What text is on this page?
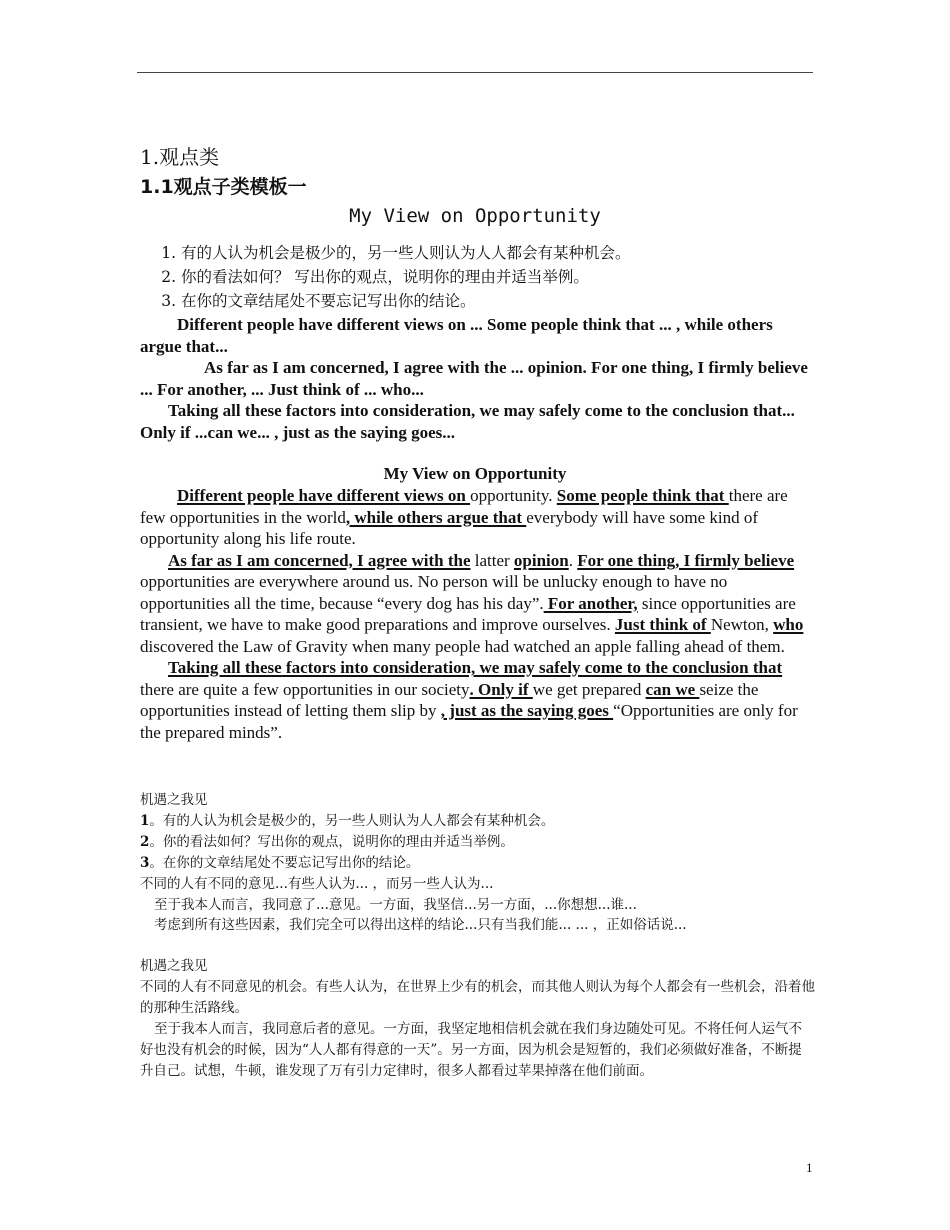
1.观点类
1.1观点子类模板一
My View on Opportunity
1. 有的人认为机会是极少的，另一些人则认为人人都会有某种机会。
2. 你的看法如何？ 写出你的观点，说明你的理由并适当举例。
3. 在你的文章结尾处不要忘记写出你的结论。

Different people have different views on ... Some people think that ... , while others argue that...

As far as I am concerned, I agree with the ... opinion. For one thing, I firmly believe ... For another, ... Just think of ... who...

Taking all these factors into consideration, we may safely come to the conclusion that... Only if ...can we... , just as the saying goes...

My View on Opportunity

Different people have different views on opportunity. Some people think that there are few opportunities in the world, while others argue that everybody will have some kind of opportunity along his life route.

As far as I am concerned, I agree with the latter opinion. For one thing, I firmly believe opportunities are everywhere around us. No person will be unlucky enough to have no opportunities all the time, because “every dog has his day”. For another, since opportunities are transient, we have to make good preparations and improve ourselves. Just think of Newton, who discovered the Law of Gravity when many people had watched an apple falling ahead of them.

Taking all these factors into consideration, we may safely come to the conclusion that there are quite a few opportunities in our society. Only if we get prepared can we seize the opportunities instead of letting them slip by , just as the saying goes “Opportunities are only for the prepared minds”.

机遇之我见

1。有的人认为机会是极少的，另一些人则认为人人都会有某种机会。

2。你的看法如何？写出你的观点，说明你的理由并适当举例。

3。在你的文章结尾处不要忘记写出你的结论。

不同的人有不同的意见...有些人认为... ，而另一些人认为...

至于我本人而言，我同意了...意见。一方面，我坚信...另一方面，...你想想...谁...

考虑到所有这些因素，我们完全可以得出这样的结论...只有当我们能... ... ，正如俗话说...

机遇之我见

不同的人有不同意见的机会。有些人认为，在世界上少有的机会，而其他人则认为每个人都会有一些机会，沿着他的那种生活路线。

至于我本人而言，我同意后者的意见。一方面，我坚定地相信机会就在我们身边随处可见。不将任何人运气不好也没有机会的时候，因为“人人都有得意的一天”。另一方面，因为机会是短暂的，我们必须做好准备，不断提升自己。试想，牛顿，谁发现了万有引力定律时，很多人都看过苹果掉落在他们前面。

1
